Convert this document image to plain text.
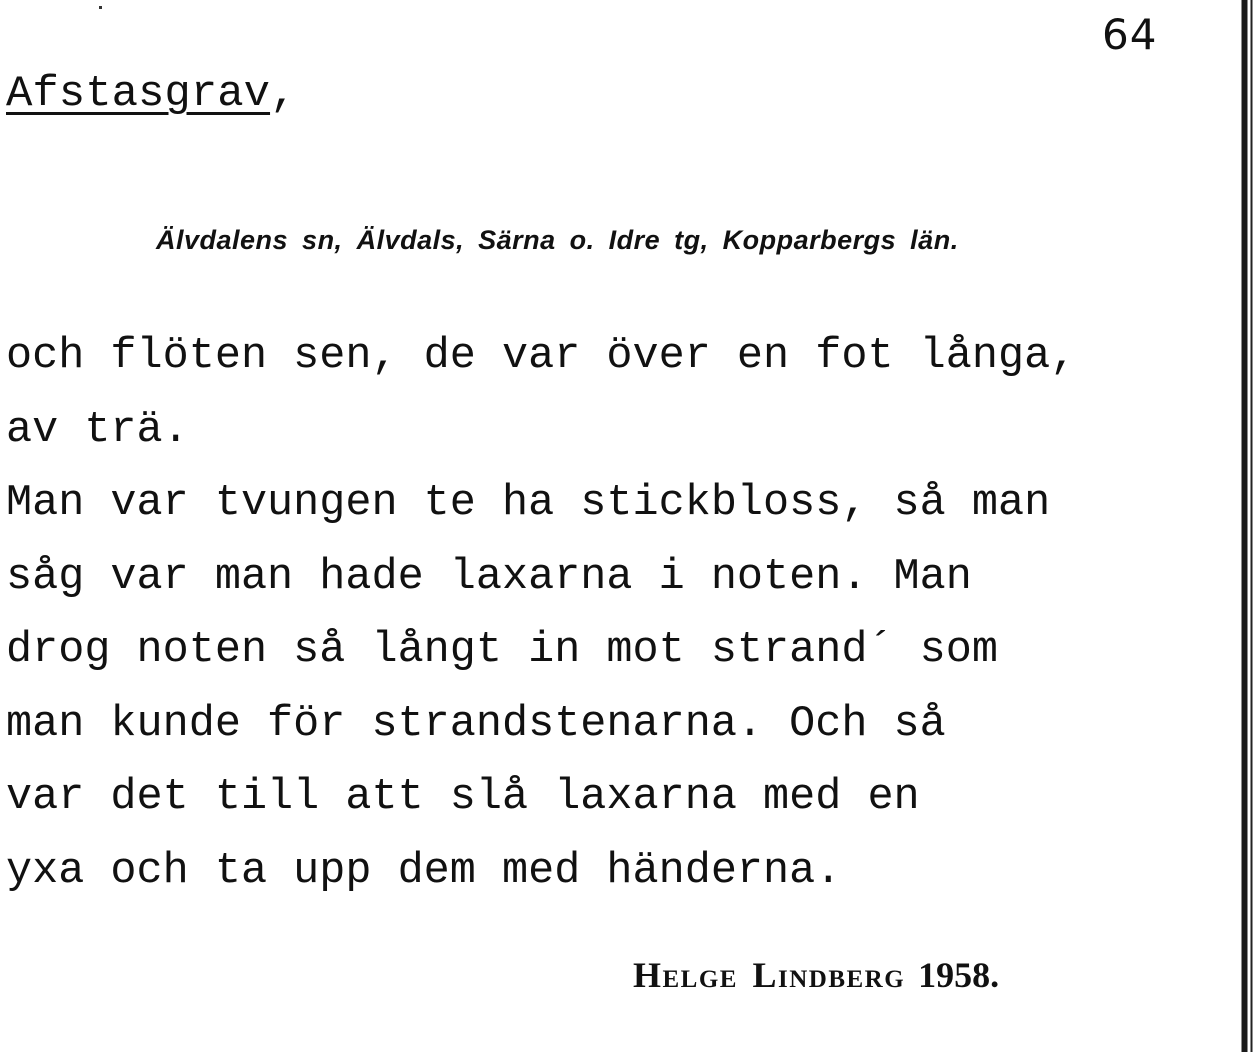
64
Afstasgrav,
Älvdalens sn, Älvdals, Särna o. Idre tg, Kopparbergs län.
och flöten sen, de var över en fot långa,
av trä.
Man var tvungen te ha stickbloss, så man
såg var man hade laxarna i noten. Man
drog noten så långt in mot strand´ som
man kunde för strandstenarna. Och så
var det till att slå laxarna med en
yxa och ta upp dem med händerna.
Helge Lindberg 1958.
